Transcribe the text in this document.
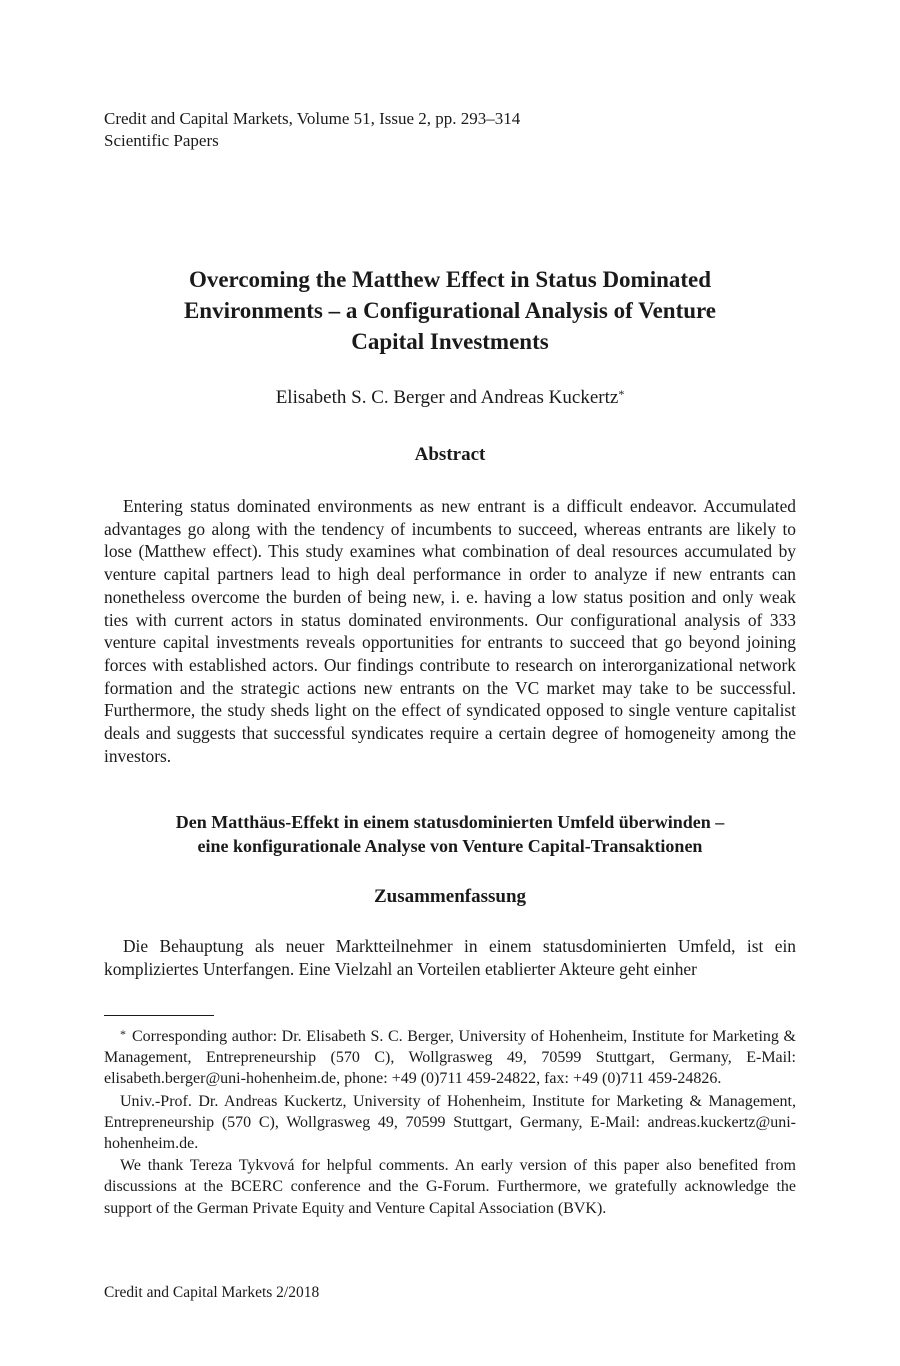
Credit and Capital Markets, Volume 51, Issue 2, pp. 293–314
Scientific Papers
Overcoming the Matthew Effect in Status Dominated
Environments – a Configurational Analysis of Venture
Capital Investments
Elisabeth S. C. Berger and Andreas Kuckertz*
Abstract

Entering status dominated environments as new entrant is a difficult endeavor. Accumulated advantages go along with the tendency of incumbents to succeed, whereas entrants are likely to lose (Matthew effect). This study examines what combination of deal resources accumulated by venture capital partners lead to high deal performance in order to analyze if new entrants can nonetheless overcome the burden of being new, i. e. having a low status position and only weak ties with current actors in status dominated environments. Our configurational analysis of 333 venture capital investments reveals opportunities for entrants to succeed that go beyond joining forces with established actors. Our findings contribute to research on interorganizational network formation and the strategic actions new entrants on the VC market may take to be successful. Furthermore, the study sheds light on the effect of syndicated opposed to single venture capitalist deals and suggests that successful syndicates require a certain degree of homogeneity among the investors.

Den Matthäus-Effekt in einem statusdominierten Umfeld überwinden –
eine konfigurationale Analyse von Venture Capital-Transaktionen
Zusammenfassung

Die Behauptung als neuer Marktteilnehmer in einem statusdominierten Umfeld, ist ein kompliziertes Unterfangen. Eine Vielzahl an Vorteilen etablierter Akteure geht einher

* Corresponding author: Dr. Elisabeth S. C. Berger, University of Hohenheim, Institute for Marketing & Management, Entrepreneurship (570 C), Wollgrasweg 49, 70599 Stuttgart, Germany, E-Mail: elisabeth.berger@uni-hohenheim.de, phone: +49 (0)711 459-24822, fax: +49 (0)711 459-24826.

Univ.-Prof. Dr. Andreas Kuckertz, University of Hohenheim, Institute for Marketing & Management, Entrepreneurship (570 C), Wollgrasweg 49, 70599 Stuttgart, Germany, E-Mail: andreas.kuckertz@uni-hohenheim.de.

We thank Tereza Tykvová for helpful comments. An early version of this paper also benefited from discussions at the BCERC conference and the G-Forum. Furthermore, we gratefully acknowledge the support of the German Private Equity and Venture Capital Association (BVK).

Credit and Capital Markets 2/2018
